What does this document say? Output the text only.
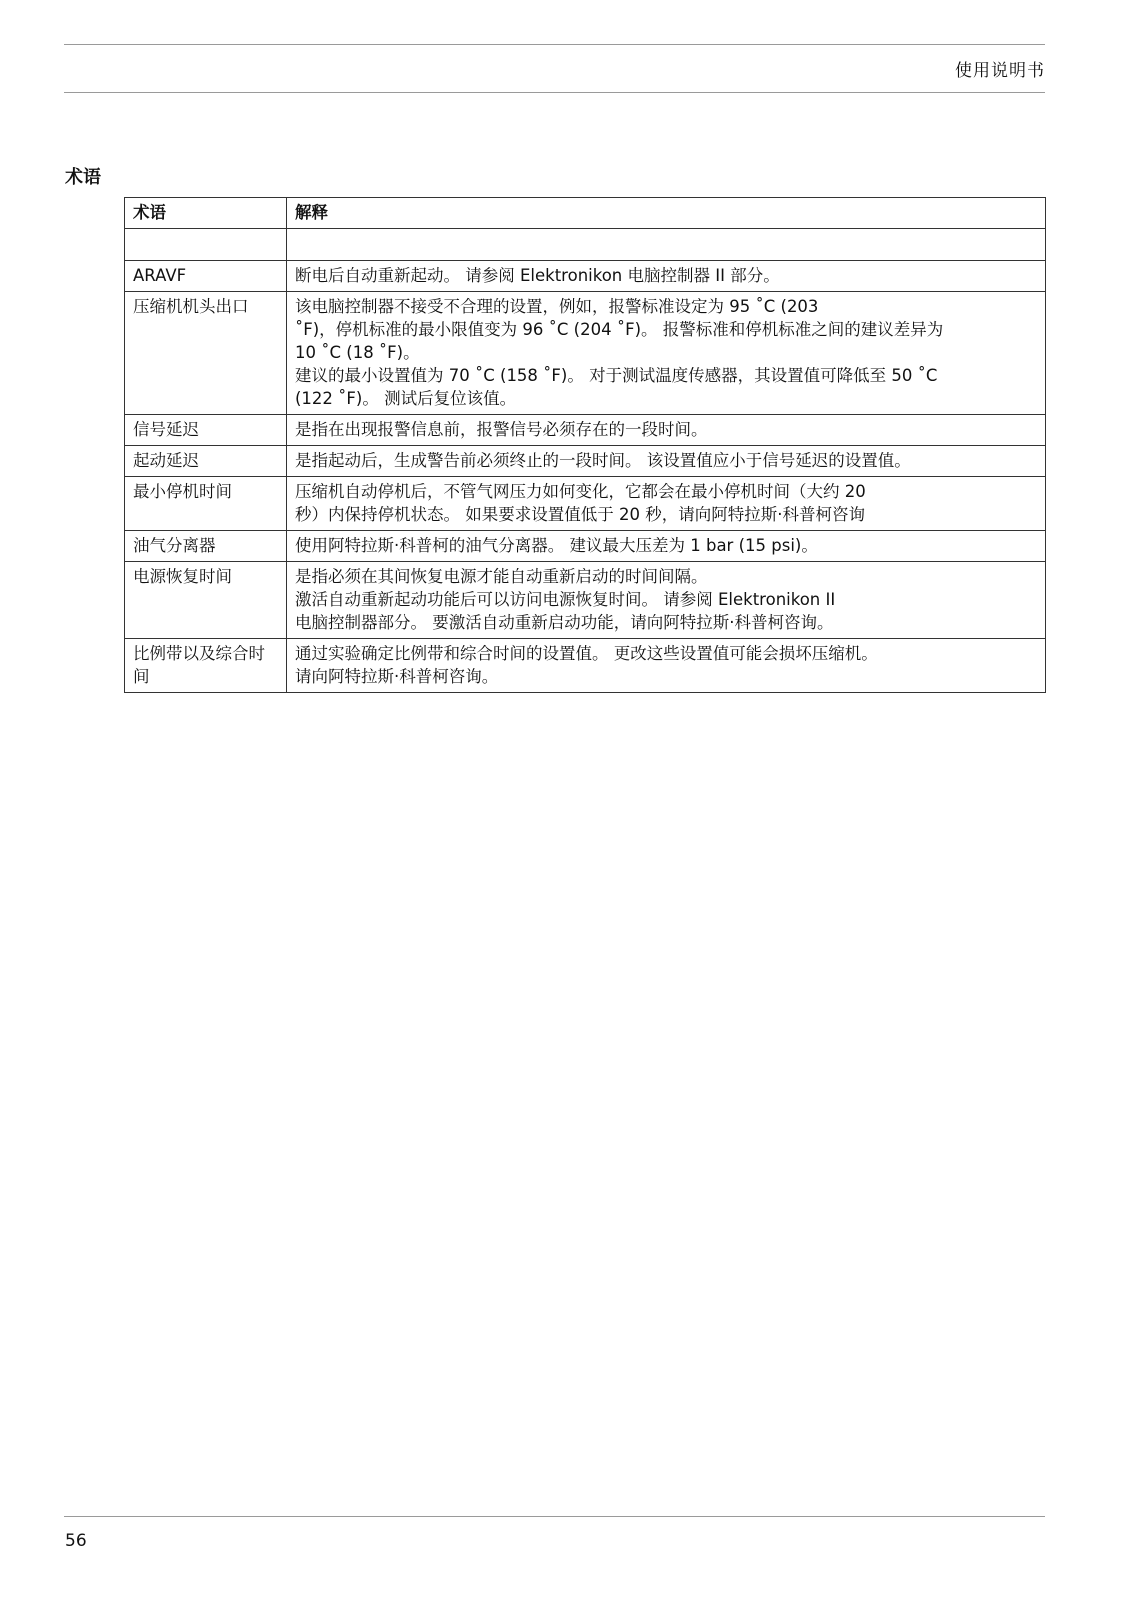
使用说明书
术语
术语	解释

ARAVF	断电后自动重新起动。 请参阅 Elektronikon 电脑控制器 II 部分。

压缩机机头出口	该电脑控制器不接受不合理的设置，例如，报警标准设定为 95 ˚C (203
˚F)，停机标准的最小限值变为 96 ˚C (204 ˚F)。 报警标准和停机标准之间的建议差异为
10 ˚C (18 ˚F)。
建议的最小设置值为 70 ˚C (158 ˚F)。 对于测试温度传感器，其设置值可降低至 50 ˚C
(122 ˚F)。 测试后复位该值。

信号延迟	是指在出现报警信息前，报警信号必须存在的一段时间。

起动延迟	是指起动后，生成警告前必须终止的一段时间。 该设置值应小于信号延迟的设置值。

最小停机时间	压缩机自动停机后，不管气网压力如何变化，它都会在最小停机时间（大约 20
秒）内保持停机状态。 如果要求设置值低于 20 秒，请向阿特拉斯·科普柯咨询

油气分离器	使用阿特拉斯·科普柯的油气分离器。 建议最大压差为 1 bar (15 psi)。

电源恢复时间	是指必须在其间恢复电源才能自动重新启动的时间间隔。
激活自动重新起动功能后可以访问电源恢复时间。 请参阅 Elektronikon II
电脑控制器部分。 要激活自动重新启动功能，请向阿特拉斯·科普柯咨询。

比例带以及综合时间	通过实验确定比例带和综合时间的设置值。 更改这些设置值可能会损坏压缩机。
请向阿特拉斯·科普柯咨询。
56
